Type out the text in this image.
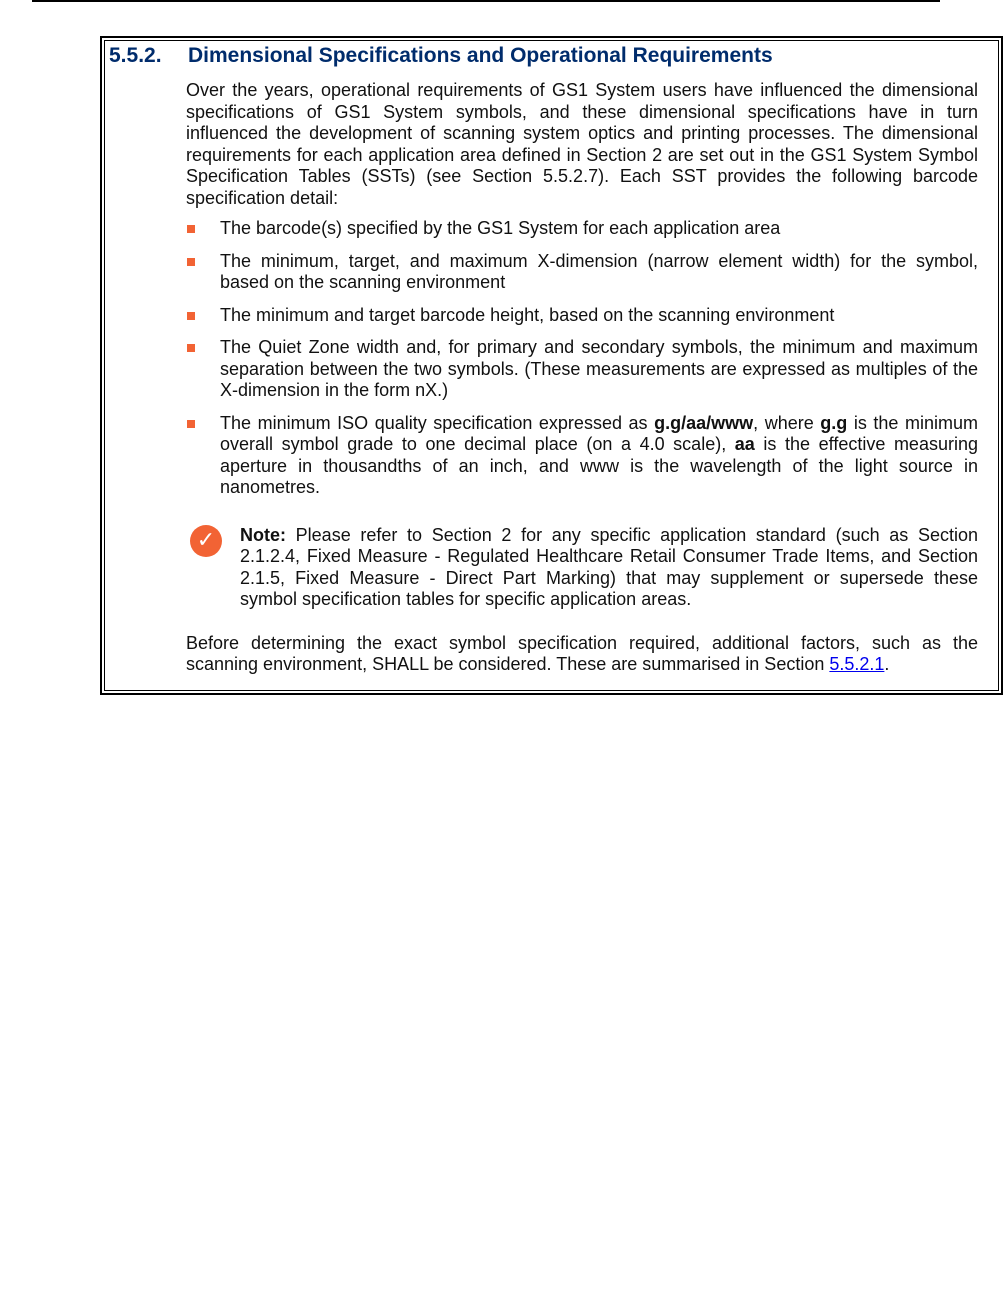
5.5.2. Dimensional Specifications and Operational Requirements

Over the years, operational requirements of GS1 System users have influenced the dimensional specifications of GS1 System symbols, and these dimensional specifications have in turn influenced the development of scanning system optics and printing processes. The dimensional requirements for each application area defined in Section 2 are set out in the GS1 System Symbol Specification Tables (SSTs) (see Section 5.5.2.7). Each SST provides the following barcode specification detail:

The barcode(s) specified by the GS1 System for each application area
The minimum, target, and maximum X-dimension (narrow element width) for the symbol, based on the scanning environment
The minimum and target barcode height, based on the scanning environment
The Quiet Zone width and, for primary and secondary symbols, the minimum and maximum separation between the two symbols. (These measurements are expressed as multiples of the X-dimension in the form nX.)
The minimum ISO quality specification expressed as g.g/aa/www, where g.g is the minimum overall symbol grade to one decimal place (on a 4.0 scale), aa is the effective measuring aperture in thousandths of an inch, and www is the wavelength of the light source in nanometres.
✓	Note: Please refer to Section 2 for any specific application standard (such as Section 2.1.2.4, Fixed Measure - Regulated Healthcare Retail Consumer Trade Items, and Section 2.1.5, Fixed Measure - Direct Part Marking) that may supplement or supersede these symbol specification tables for specific application areas.

Before determining the exact symbol specification required, additional factors, such as the scanning environment, SHALL be considered. These are summarised in Section 5.5.2.1.
